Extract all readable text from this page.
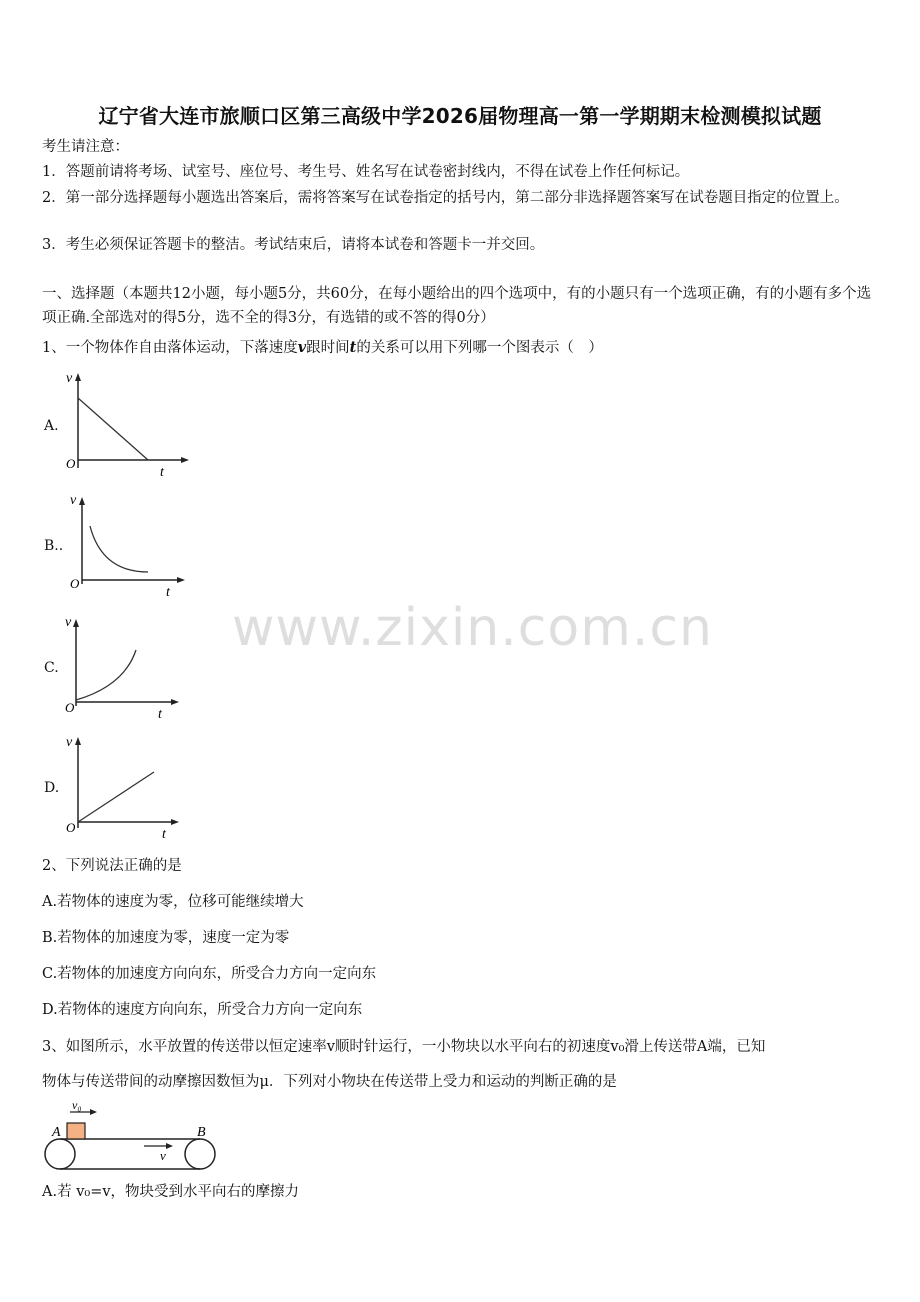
辽宁省大连市旅顺口区第三高级中学2026届物理高一第一学期期末检测模拟试题
考生请注意：
1．答题前请将考场、试室号、座位号、考生号、姓名写在试卷密封线内，不得在试卷上作任何标记。
2．第一部分选择题每小题选出答案后，需将答案写在试卷指定的括号内，第二部分非选择题答案写在试卷题目指定的位置上。
3．考生必须保证答题卡的整洁。考试结束后，请将本试卷和答题卡一并交回。
一、选择题（本题共12小题，每小题5分，共60分，在每小题给出的四个选项中，有的小题只有一个选项正确，有的小题有多个选项正确.全部选对的得5分，选不全的得3分，有选错的或不答的得0分）
1、一个物体作自由落体运动，下落速度v跟时间t的关系可以用下列哪一个图表示（　）
A.
B..
C.
D.
v
t
O
v
t
O
v
t
O
v
t
O
www.zixin.com.cn
2、下列说法正确的是
A.若物体的速度为零，位移可能继续增大
B.若物体的加速度为零，速度一定为零
C.若物体的加速度方向向东，所受合力方向一定向东
D.若物体的速度方向向东，所受合力方向一定向东
3、如图所示，水平放置的传送带以恒定速率v顺时针运行，一小物块以水平向右的初速度v₀滑上传送带A端，已知
物体与传送带间的动摩擦因数恒为μ．下列对小物块在传送带上受力和运动的判断正确的是
v₀
A	B
v
A.若 v₀=v，物块受到水平向右的摩擦力
